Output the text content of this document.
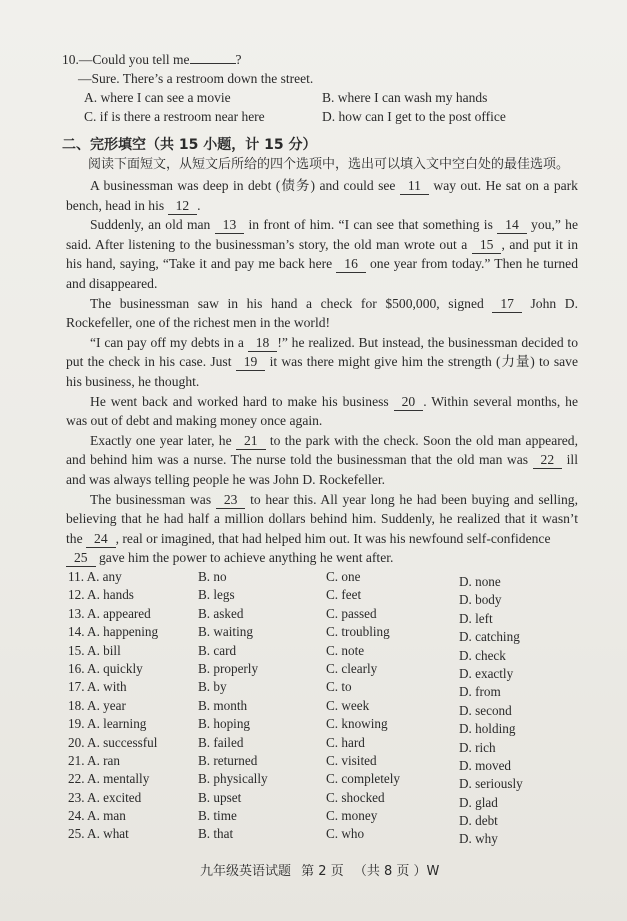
10.—Could you tell me	?
—Sure. There’s a restroom down the street.
A. where I can see a movie	B. where I can wash my hands
C. if is there a restroom near here	D. how can I get to the post office
二、完形填空（共 15 小题，计 15 分）
阅读下面短文，从短文后所给的四个选项中，选出可以填入文中空白处的最佳选项。

A businessman was deep in debt (债务) and could see 11 way out. He sat on a park bench, head in his 12 .

Suddenly, an old man 13 in front of him. “I can see that something is 14 you,” he said. After listening to the businessman’s story, the old man wrote out a 15 , and put it in his hand, saying, “Take it and pay me back here 16 one year from today.” Then he turned and disappeared.

The businessman saw in his hand a check for $500,000, signed 17 John D. Rockefeller, one of the richest men in the world!

“I can pay off my debts in a 18 !” he realized. But instead, the businessman decided to put the check in his case. Just 19 it was there might give him the strength (力量) to save his business, he thought.

He went back and worked hard to make his business 20 . Within several months, he was out of debt and making money once again.

Exactly one year later, he 21 to the park with the check. Soon the old man appeared, and behind him was a nurse. The nurse told the businessman that the old man was 22 ill and was always telling people he was John D. Rockefeller.

The businessman was 23 to hear this. All year long he had been buying and selling, believing that he had half a million dollars behind him. Suddenly, he realized that it wasn’t the 24 , real or imagined, that had helped him out. It was his newfound self-confidence

25 gave him the power to achieve anything he went after.

11. A. any	B. no	C. one	D. none
12. A. hands	B. legs	C. feet	D. body
13. A. appeared	B. asked	C. passed	D. left
14. A. happening	B. waiting	C. troubling	D. catching
15. A. bill	B. card	C. note	D. check
16. A. quickly	B. properly	C. clearly	D. exactly
17. A. with	B. by	C. to	D. from
18. A. year	B. month	C. week	D. second
19. A. learning	B. hoping	C. knowing	D. holding
20. A. successful	B. failed	C. hard	D. rich
21. A. ran	B. returned	C. visited	D. moved
22. A. mentally	B. physically	C. completely	D. seriously
23. A. excited	B. upset	C. shocked	D. glad
24. A. man	B. time	C. money	D. debt
25. A. what	B. that	C. who	D. why
九年级英语试题 第 2 页 （共 8 页 ）W
